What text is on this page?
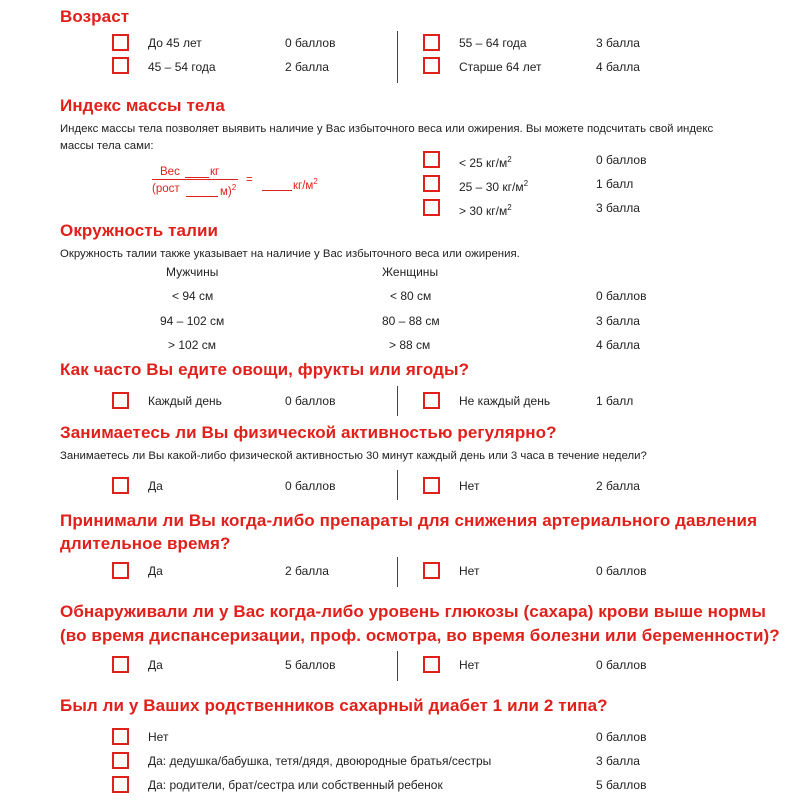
Возраст
До 45 лет	0 баллов
45 – 54 года	2 балла
55 – 64 года	3 балла
Старше 64 лет	4 балла
Индекс массы тела
Индекс массы тела позволяет выявить наличие у Вас избыточного веса или ожирения. Вы можете подсчитать свой индекс массы тела сами:
Вес	кг
(рост	м)$^2$
=	$кг/м^2$
< 25 $кг/м^2$	0 баллов
25 – 30 $кг/м^2$	1 балл
> 30 $кг/м^2$	3 балла
Окружность талии
Окружность талии также указывает на наличие у Вас избыточного веса или ожирения.
Мужчины	Женщины
< 94 см	< 80 см	0 баллов
94 – 102 см	80 – 88 см	3 балла
> 102 см	> 88 см	4 балла
Как часто Вы едите овощи, фрукты или ягоды?
Каждый день	0 баллов	Не каждый день	1 балл
Занимаетесь ли Вы физической активностью регулярно?
Занимаетесь ли Вы какой-либо физической активностью 30 минут каждый день или 3 часа в течение недели?
Да	0 баллов	Нет	2 балла
Принимали ли Вы когда-либо препараты для снижения артериального давления
длительное время?
Да	2 балла	Нет	0 баллов
Обнаруживали ли у Вас когда-либо уровень глюкозы (сахара) крови выше нормы
(во время диспансеризации, проф. осмотра, во время болезни или беременности)?
Да	5 баллов	Нет	0 баллов
Был ли у Ваших родственников сахарный диабет 1 или 2 типа?
Нет	0 баллов
Да: дедушка/бабушка, тетя/дядя, двоюродные братья/сестры	3 балла
Да: родители, брат/сестра или собственный ребенок	5 баллов
